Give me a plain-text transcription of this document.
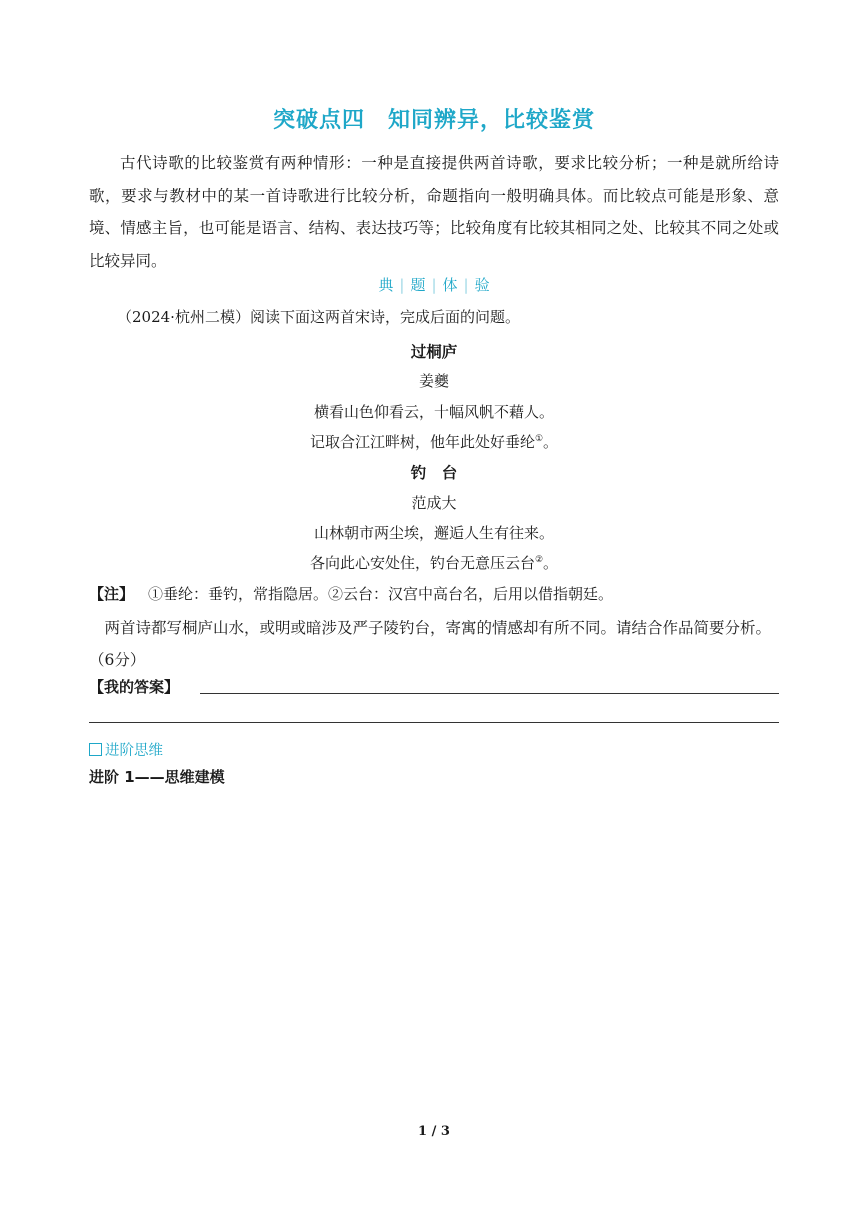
突破点四　知同辨异，比较鉴赏
古代诗歌的比较鉴赏有两种情形：一种是直接提供两首诗歌，要求比较分析；一种是就所给诗歌，要求与教材中的某一首诗歌进行比较分析，命题指向一般明确具体。而比较点可能是形象、意境、情感主旨，也可能是语言、结构、表达技巧等；比较角度有比较其相同之处、比较其不同之处或比较异同。
典 | 题 | 体 | 验
（2024·杭州二模）阅读下面这两首宋诗，完成后面的问题。
过桐庐
姜夔
横看山色仰看云，十幅风帆不藉人。
记取合江江畔树，他年此处好垂纶①。
钓　台
范成大
山林朝市两尘埃，邂逅人生有往来。
各向此心安处住，钓台无意压云台②。
【注】 ①垂纶：垂钓，常指隐居。②云台：汉宫中高台名，后用以借指朝廷。
两首诗都写桐庐山水，或明或暗涉及严子陵钓台，寄寓的情感却有所不同。请结合作品简要分析。（6分）
【我的答案】
进阶思维
进阶 1——思维建模
1 / 3
